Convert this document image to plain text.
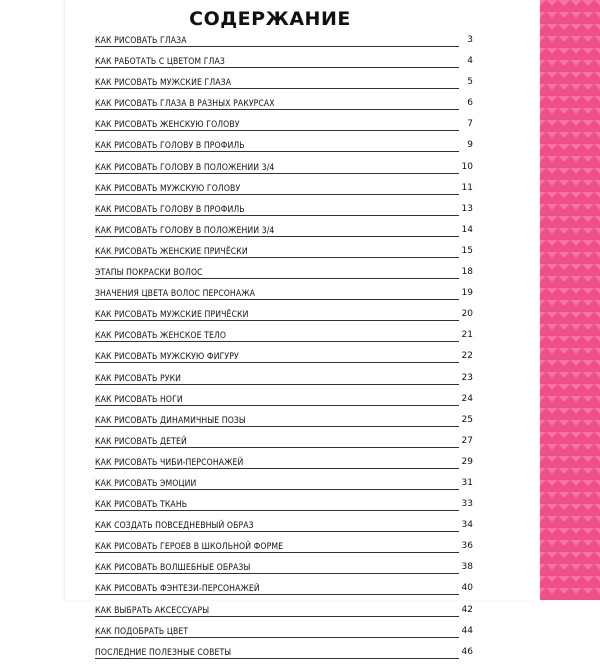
СОДЕРЖАНИЕ
КАК РИСОВАТЬ ГЛАЗА	3
КАК РАБОТАТЬ С ЦВЕТОМ ГЛАЗ	4
КАК РИСОВАТЬ МУЖСКИЕ ГЛАЗА	5
КАК РИСОВАТЬ ГЛАЗА В РАЗНЫХ РАКУРСАХ	6
КАК РИСОВАТЬ ЖЕНСКУЮ ГОЛОВУ	7
КАК РИСОВАТЬ ГОЛОВУ В ПРОФИЛЬ	9
КАК РИСОВАТЬ ГОЛОВУ В ПОЛОЖЕНИИ 3/4	10
КАК РИСОВАТЬ МУЖСКУЮ ГОЛОВУ	11
КАК РИСОВАТЬ ГОЛОВУ В ПРОФИЛЬ	13
КАК РИСОВАТЬ ГОЛОВУ В ПОЛОЖЕНИИ 3/4	14
КАК РИСОВАТЬ ЖЕНСКИЕ ПРИЧЁСКИ	15
ЭТАПЫ ПОКРАСКИ ВОЛОС	18
ЗНАЧЕНИЯ ЦВЕТА ВОЛОС ПЕРСОНАЖА	19
КАК РИСОВАТЬ МУЖСКИЕ ПРИЧЁСКИ	20
КАК РИСОВАТЬ ЖЕНСКОЕ ТЕЛО	21
КАК РИСОВАТЬ МУЖСКУЮ ФИГУРУ	22
КАК РИСОВАТЬ РУКИ	23
КАК РИСОВАТЬ НОГИ	24
КАК РИСОВАТЬ ДИНАМИЧНЫЕ ПОЗЫ	25
КАК РИСОВАТЬ ДЕТЕЙ	27
КАК РИСОВАТЬ ЧИБИ-ПЕРСОНАЖЕЙ	29
КАК РИСОВАТЬ ЭМОЦИИ	31
КАК РИСОВАТЬ ТКАНЬ	33
КАК СОЗДАТЬ ПОВСЕДНЕВНЫЙ ОБРАЗ	34
КАК РИСОВАТЬ ГЕРОЕВ В ШКОЛЬНОЙ ФОРМЕ	36
КАК РИСОВАТЬ ВОЛШЕБНЫЕ ОБРАЗЫ	38
КАК РИСОВАТЬ ФЭНТЕЗИ-ПЕРСОНАЖЕЙ	40
КАК ВЫБРАТЬ АКСЕССУАРЫ	42
КАК ПОДОБРАТЬ ЦВЕТ	44
ПОСЛЕДНИЕ ПОЛЕЗНЫЕ СОВЕТЫ	46
